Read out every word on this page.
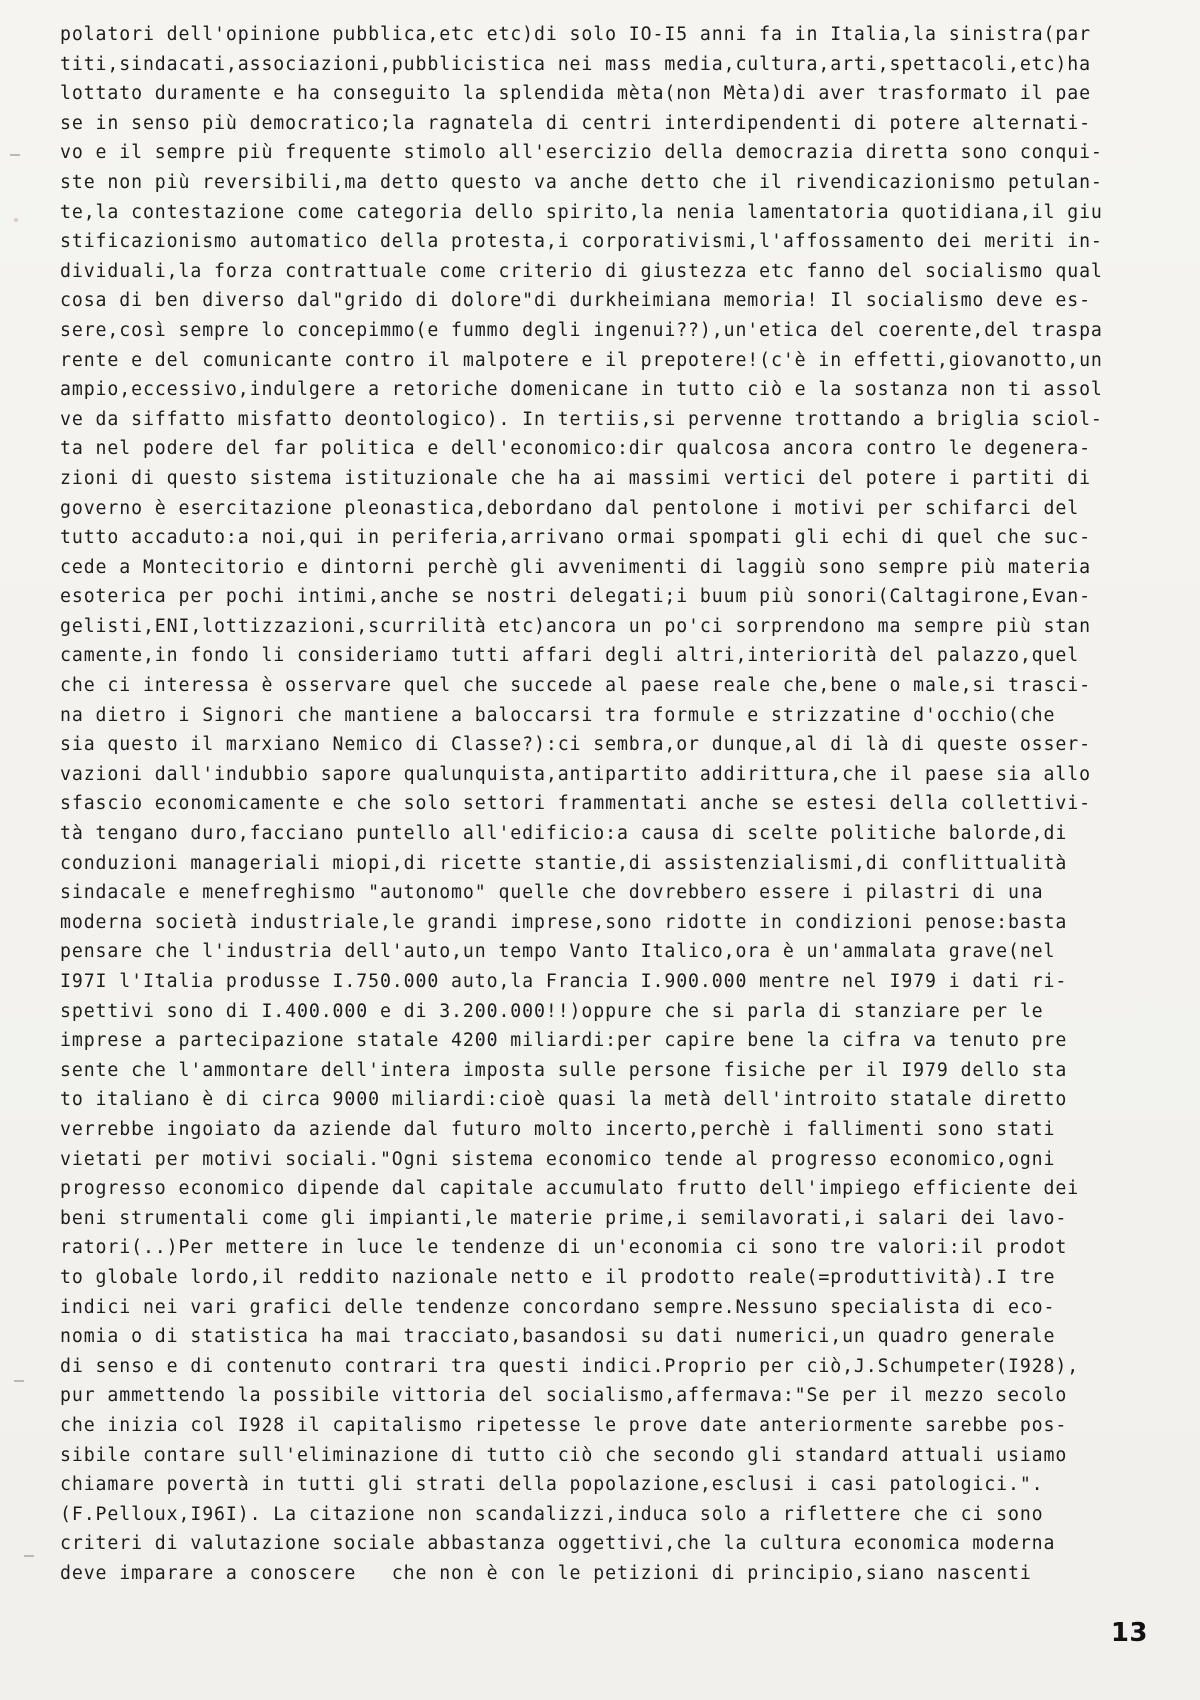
polatori dell'opinione pubblica,etc etc)di solo IO-I5 anni fa in Italia,la sinistra(par
titi,sindacati,associazioni,pubblicistica nei mass media,cultura,arti,spettacoli,etc)ha
lottato duramente e ha conseguito la splendida mèta(non Mèta)di aver trasformato il pae
se in senso più democratico;la ragnatela di centri interdipendenti di potere alternati-
vo e il sempre più frequente stimolo all'esercizio della democrazia diretta sono conqui-
ste non più reversibili,ma detto questo va anche detto che il rivendicazionismo petulan-
te,la contestazione come categoria dello spirito,la nenia lamentatoria quotidiana,il giu
stificazionismo automatico della protesta,i corporativismi,l'affossamento dei meriti in-
dividuali,la forza contrattuale come criterio di giustezza etc fanno del socialismo qual
cosa di ben diverso dal"grido di dolore"di durkheimiana memoria! Il socialismo deve es-
sere,così sempre lo concepimmo(e fummo degli ingenui??),un'etica del coerente,del traspa
rente e del comunicante contro il malpotere e il prepotere!(c'è in effetti,giovanotto,un
ampio,eccessivo,indulgere a retoriche domenicane in tutto ciò e la sostanza non ti assol
ve da siffatto misfatto deontologico). In tertiis,si pervenne trottando a briglia sciol-
ta nel podere del far politica e dell'economico:dir qualcosa ancora contro le degenera-
zioni di questo sistema istituzionale che ha ai massimi vertici del potere i partiti di
governo è esercitazione pleonastica,debordano dal pentolone i motivi per schifarci del
tutto accaduto:a noi,qui in periferia,arrivano ormai spompati gli echi di quel che suc-
cede a Montecitorio e dintorni perchè gli avvenimenti di laggiù sono sempre più materia
esoterica per pochi intimi,anche se nostri delegati;i buum più sonori(Caltagirone,Evan-
gelisti,ENI,lottizzazioni,scurrilità etc)ancora un po'ci sorprendono ma sempre più stan
camente,in fondo li consideriamo tutti affari degli altri,interiorità del palazzo,quel
che ci interessa è osservare quel che succede al paese reale che,bene o male,si trasci-
na dietro i Signori che mantiene a baloccarsi tra formule e strizzatine d'occhio(che
sia questo il marxiano Nemico di Classe?):ci sembra,or dunque,al di là di queste osser-
vazioni dall'indubbio sapore qualunquista,antipartito addirittura,che il paese sia allo
sfascio economicamente e che solo settori frammentati anche se estesi della collettivi-
tà tengano duro,facciano puntello all'edificio:a causa di scelte politiche balorde,di
conduzioni manageriali miopi,di ricette stantie,di assistenzialismi,di conflittualità
sindacale e menefreghismo "autonomo" quelle che dovrebbero essere i pilastri di una
moderna società industriale,le grandi imprese,sono ridotte in condizioni penose:basta
pensare che l'industria dell'auto,un tempo Vanto Italico,ora è un'ammalata grave(nel
I97I l'Italia produsse I.750.000 auto,la Francia I.900.000 mentre nel I979 i dati ri-
spettivi sono di I.400.000 e di 3.200.000!!)oppure che si parla di stanziare per le
imprese a partecipazione statale 4200 miliardi:per capire bene la cifra va tenuto pre
sente che l'ammontare dell'intera imposta sulle persone fisiche per il I979 dello sta
to italiano è di circa 9000 miliardi:cioè quasi la metà dell'introito statale diretto
verrebbe ingoiato da aziende dal futuro molto incerto,perchè i fallimenti sono stati
vietati per motivi sociali."Ogni sistema economico tende al progresso economico,ogni
progresso economico dipende dal capitale accumulato frutto dell'impiego efficiente dei
beni strumentali come gli impianti,le materie prime,i semilavorati,i salari dei lavo-
ratori(..)Per mettere in luce le tendenze di un'economia ci sono tre valori:il prodot
to globale lordo,il reddito nazionale netto e il prodotto reale(=produttività).I tre
indici nei vari grafici delle tendenze concordano sempre.Nessuno specialista di eco-
nomia o di statistica ha mai tracciato,basandosi su dati numerici,un quadro generale
di senso e di contenuto contrari tra questi indici.Proprio per ciò,J.Schumpeter(I928),
pur ammettendo la possibile vittoria del socialismo,affermava:"Se per il mezzo secolo
che inizia col I928 il capitalismo ripetesse le prove date anteriormente sarebbe pos-
sibile contare sull'eliminazione di tutto ciò che secondo gli standard attuali usiamo
chiamare povertà in tutti gli strati della popolazione,esclusi i casi patologici.".
(F.Pelloux,I96I). La citazione non scandalizzi,induca solo a riflettere che ci sono
criteri di valutazione sociale abbastanza oggettivi,che la cultura economica moderna
deve imparare a conoscere   che non è con le petizioni di principio,siano nascenti
13
